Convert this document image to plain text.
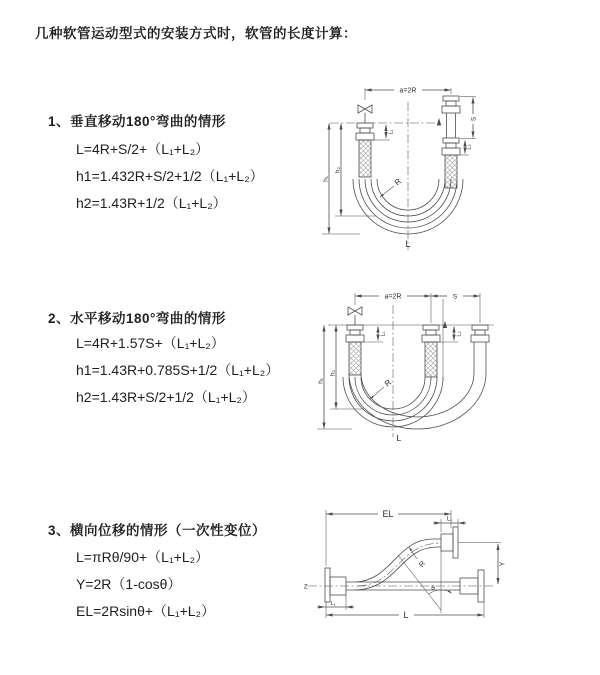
几种软管运动型式的安装方式时，软管的长度计算：
1、垂直移动180°弯曲的情形
L=4R+S/2+（L₁+L₂）
h1=1.432R+S/2+1/2（L₁+L₂）
h2=1.43R+1/2（L₁+L₂）
2、水平移动180°弯曲的情形
L=4R+1.57S+（L₁+L₂）
h1=1.43R+0.785S+1/2（L₁+L₂）
h2=1.43R+S/2+1/2（L₁+L₂）
3、横向位移的情形（一次性变位）
L=πRθ/90+（L₁+L₂）
Y=2R（1-cosθ）
EL=2Rsinθ+（L₁+L₂）
a=2R
S
L₂
L₁
h₁
h₂
R
L
a=2R	S
h₁
h₂
L₁	L₂
R
L
EL
L₁
Z
Y
θ
R
L₁
L
